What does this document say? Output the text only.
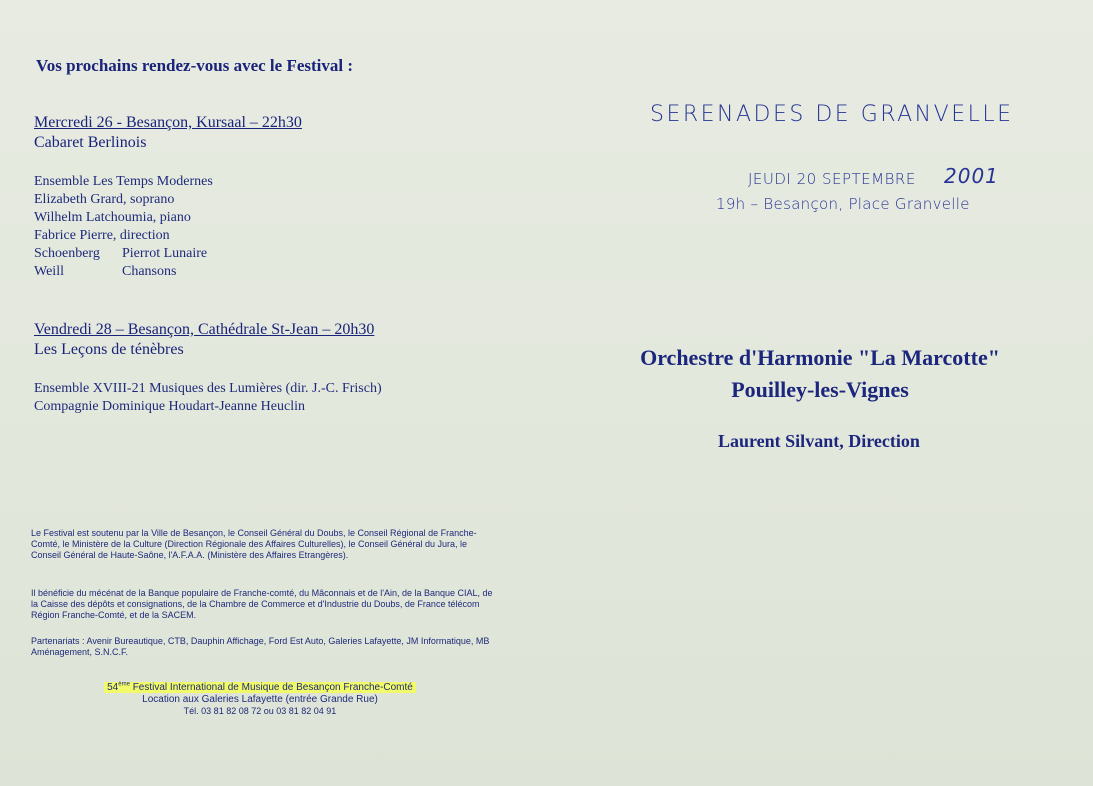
Vos prochains rendez-vous avec le Festival :
Mercredi 26 - Besançon, Kursaal – 22h30
Cabaret Berlinois
Ensemble Les Temps Modernes
Elizabeth Grard, soprano
Wilhelm Latchoumia, piano
Fabrice Pierre, direction
Schoenberg Pierrot Lunaire
Weill	Chansons
Vendredi 28 – Besançon, Cathédrale St-Jean – 20h30
Les Leçons de ténèbres
Ensemble XVIII-21 Musiques des Lumières (dir. J.-C. Frisch)
Compagnie Dominique Houdart-Jeanne Heuclin
Le Festival est soutenu par la Ville de Besançon, le Conseil Général du Doubs, le Conseil Régional de Franche-Comté, le Ministère de la Culture (Direction Régionale des Affaires Culturelles), le Conseil Général du Jura, le Conseil Général de Haute-Saône, l'A.F.A.A. (Ministère des Affaires Etrangères).
Il bénéficie du mécénat de la Banque populaire de Franche-comté, du Mâconnais et de l'Ain, de la Banque CIAL, de la Caisse des dépôts et consignations, de la Chambre de Commerce et d'Industrie du Doubs, de France télécom Région Franche-Comté, et de la SACEM.
Partenariats : Avenir Bureautique, CTB, Dauphin Affichage, Ford Est Auto, Galeries Lafayette, JM Informatique, MB Aménagement, S.N.C.F.
54ème Festival International de Musique de Besançon Franche-Comté
Location aux Galeries Lafayette (entrée Grande Rue)
Tél. 03 81 82 08 72 ou 03 81 82 04 91
SERENADES DE GRANVELLE
JEUDI 20 SEPTEMBRE 2001
19h – Besançon, Place Granvelle
Orchestre d'Harmonie "La Marcotte"
Pouilley-les-Vignes
Laurent Silvant, Direction
